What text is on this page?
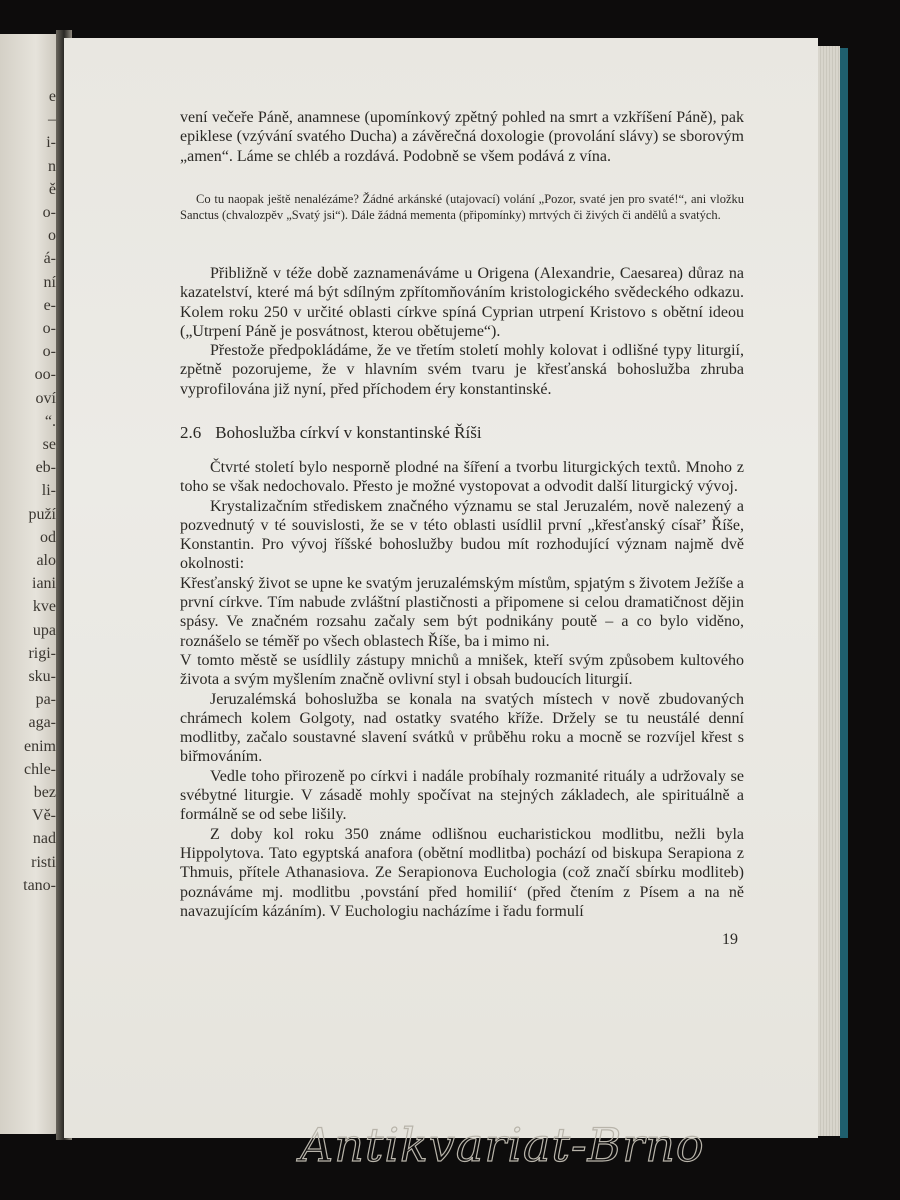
e
–
i-
n
ě
o-
o
á-
ní
e-
o-
o-
oo-
oví
“.
se
eb-
li-
puží
od
alo
iani
kve
upa
rigi-
sku-
pa-
aga-
enim
chle-
bez
Vě-
nad
risti
tano-

vení večeře Páně, anamnese (upomínkový zpětný pohled na smrt a vzkříšení Páně), pak epiklese (vzývání svatého Ducha) a závěrečná doxologie (provolání slávy) se sborovým „amen“. Láme se chléb a rozdává. Podobně se všem podává z vína.

Co tu naopak ještě nenalézáme? Žádné arkánské (utajovací) volání „Pozor, svaté jen pro svaté!“, ani vložku Sanctus (chvalozpěv „Svatý jsi“). Dále žádná mementa (připomínky) mrtvých či živých či andělů a svatých.

Přibližně v téže době zaznamenáváme u Origena (Alexandrie, Caesarea) důraz na kazatelství, které má být sdílným zpřítomňováním kristologického svědeckého odkazu. Kolem roku 250 v určité oblasti církve spíná Cyprian utrpení Kristovo s obětní ideou („Utrpení Páně je posvátnost, kterou obětujeme“).

Přestože předpokládáme, že ve třetím století mohly kolovat i odlišné typy liturgií, zpětně pozorujeme, že v hlavním svém tvaru je křesťanská bohoslužba zhruba vyprofilována již nyní, před příchodem éry konstantinské.

2.6 Bohoslužba církví v konstantinské Říši

Čtvrté století bylo nesporně plodné na šíření a tvorbu liturgických textů. Mnoho z toho se však nedochovalo. Přesto je možné vystopovat a odvodit další liturgický vývoj.

Krystalizačním střediskem značného významu se stal Jeruzalém, nově nalezený a pozvednutý v té souvislosti, že se v této oblasti usídlil první „křesťanský císař’ Říše, Konstantin. Pro vývoj říšské bohoslužby budou mít rozhodující význam najmě dvě okolnosti:

Křesťanský život se upne ke svatým jeruzalémským místům, spjatým s životem Ježíše a první církve. Tím nabude zvláštní plastičnosti a připomene si celou dramatičnost dějin spásy. Ve značném rozsahu začaly sem být podnikány poutě – a co bylo viděno, roznášelo se téměř po všech oblastech Říše, ba i mimo ni.

V tomto městě se usídlily zástupy mnichů a mnišek, kteří svým způsobem kultového života a svým myšlením značně ovlivní styl i obsah budoucích liturgií.

Jeruzalémská bohoslužba se konala na svatých místech v nově zbudovaných chrámech kolem Golgoty, nad ostatky svatého kříže. Držely se tu neustálé denní modlitby, začalo soustavné slavení svátků v průběhu roku a mocně se rozvíjel křest s biřmováním.

Vedle toho přirozeně po církvi i nadále probíhaly rozmanité rituály a udržovaly se svébytné liturgie. V zásadě mohly spočívat na stejných základech, ale spirituálně a formálně se od sebe lišily.

Z doby kol roku 350 známe odlišnou eucharistickou modlitbu, nežli byla Hippolytova. Tato egyptská anafora (obětní modlitba) pochází od biskupa Serapiona z Thmuis, přítele Athanasiova. Ze Serapionova Euchologia (což značí sbírku modliteb) poznáváme mj. modlitbu ‚povstání před homilií‘ (před čtením z Písem a na ně navazujícím kázáním). V Euchologiu nacházíme i řadu formulí

19
Antikvariat-Brno
